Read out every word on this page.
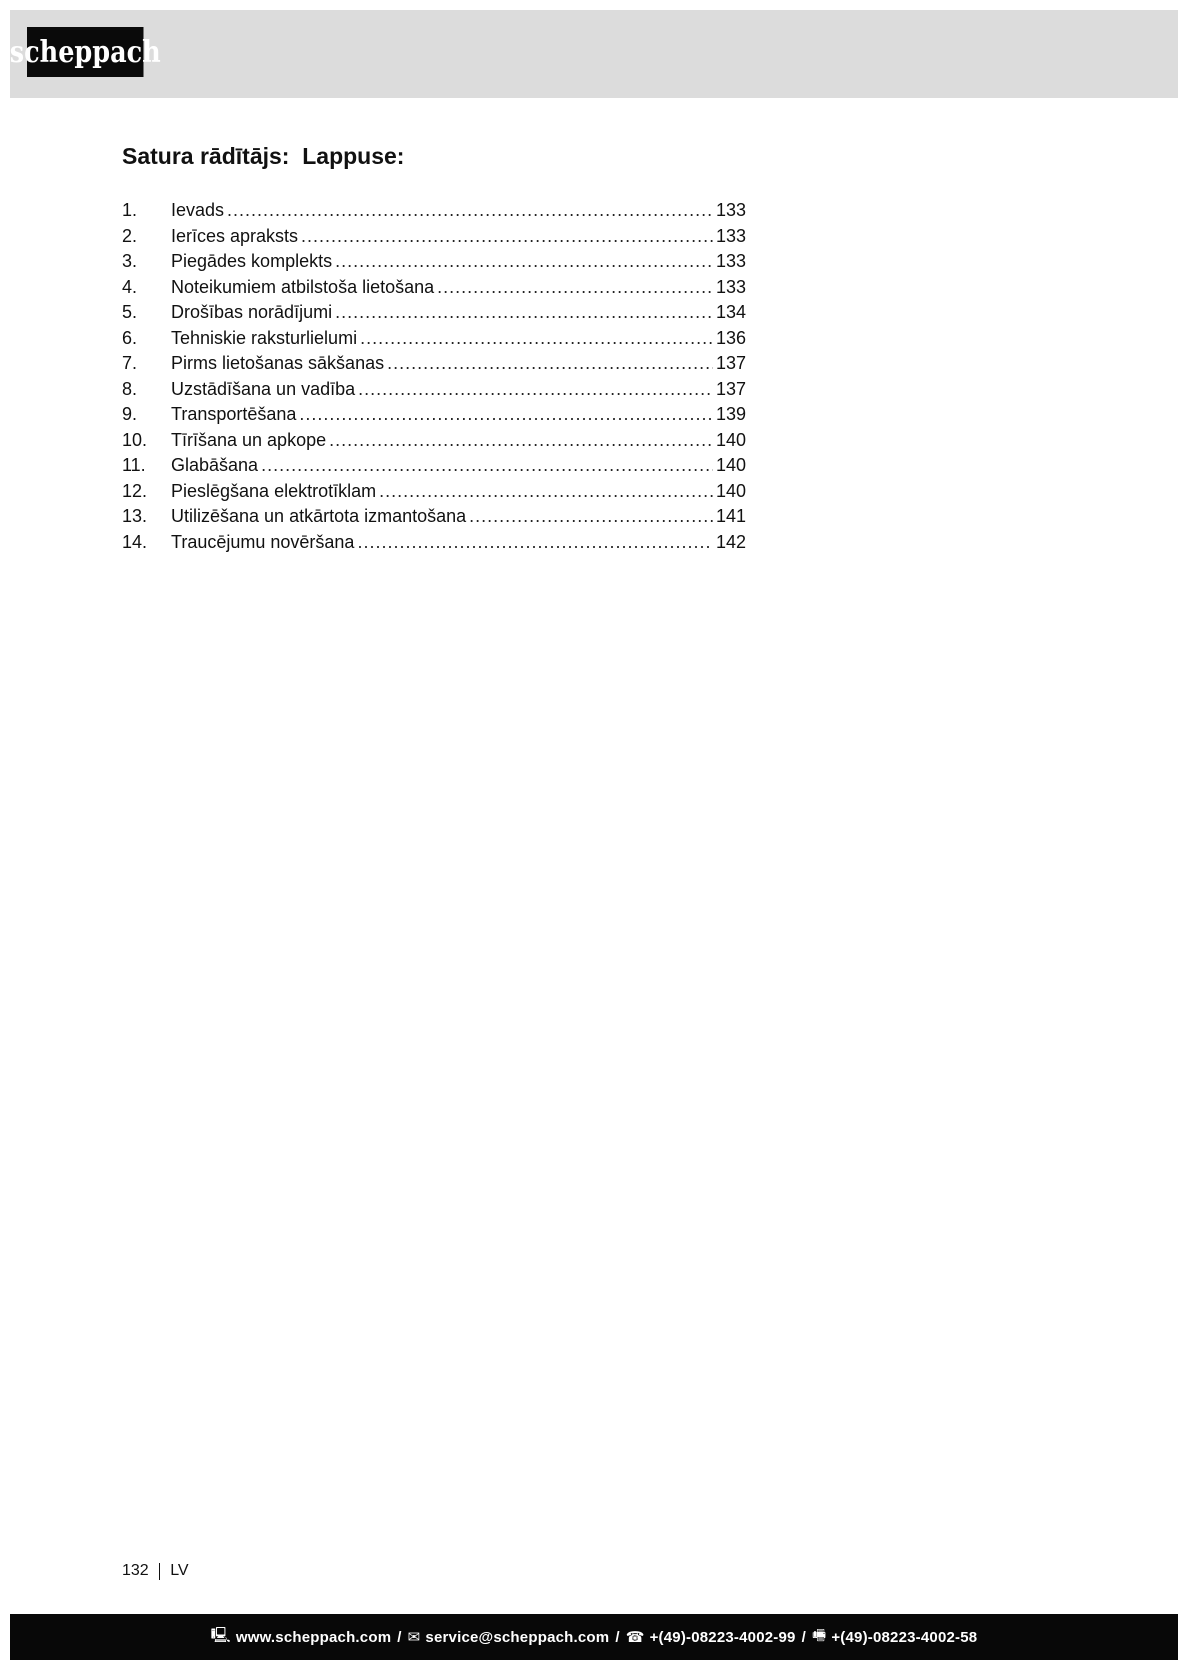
scheppach
Satura rādītājs:  Lappuse:
1.	Ievads .....	133
2.	Ierīces apraksts .....	133
3.	Piegādes komplekts .....	133
4.	Noteikumiem atbilstoša lietošana .....	133
5.	Drošības norādījumi .....	134
6.	Tehniskie raksturlielumi .....	136
7.	Pirms lietošanas sākšanas .....	137
8.	Uzstādīšana un vadība .....	137
9.	Transportēšana .....	139
10.	Tīrīšana un apkope .....	140
11.	Glabāšana .....	140
12.	Pieslēgšana elektrotīklam .....	140
13.	Utilizēšana un atkārtota izmantošana .....	141
14.	Traucējumu novēršana .....	142
132 LV
🖳 www.scheppach.com / ✉ service@scheppach.com / ☎ +(49)-08223-4002-99 / 🖷 +(49)-08223-4002-58
